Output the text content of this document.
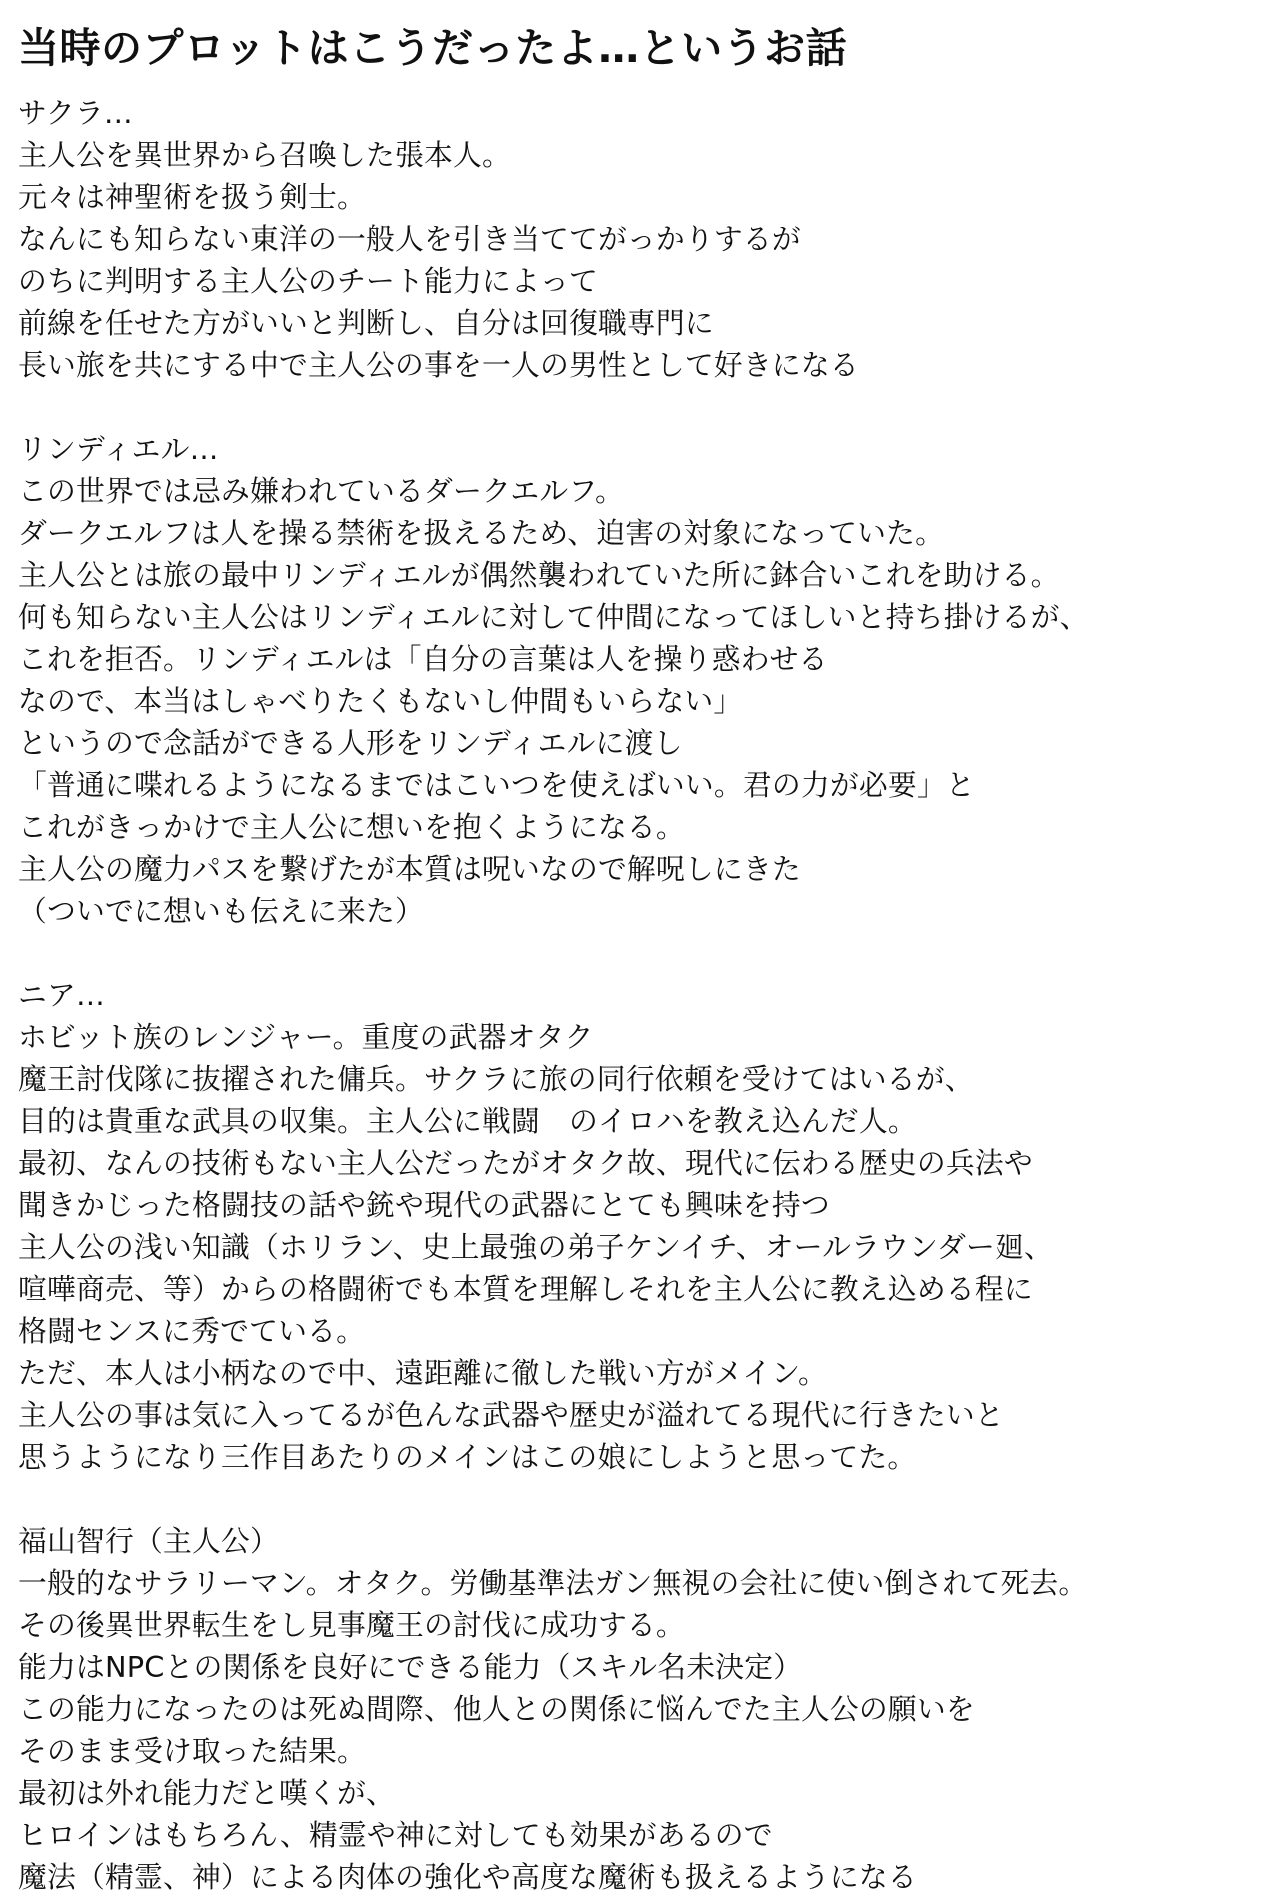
当時のプロットはこうだったよ…というお話
サクラ…
主人公を異世界から召喚した張本人。
元々は神聖術を扱う剣士。
なんにも知らない東洋の一般人を引き当ててがっかりするが
のちに判明する主人公のチート能力によって
前線を任せた方がいいと判断し、自分は回復職専門に
長い旅を共にする中で主人公の事を一人の男性として好きになる
リンディエル…
この世界では忌み嫌われているダークエルフ。
ダークエルフは人を操る禁術を扱えるため、迫害の対象になっていた。
主人公とは旅の最中リンディエルが偶然襲われていた所に鉢合いこれを助ける。
何も知らない主人公はリンディエルに対して仲間になってほしいと持ち掛けるが、
これを拒否。リンディエルは「自分の言葉は人を操り惑わせる
なので、本当はしゃべりたくもないし仲間もいらない」
というので念話ができる人形をリンディエルに渡し
「普通に喋れるようになるまではこいつを使えばいい。君の力が必要」と
これがきっかけで主人公に想いを抱くようになる。
主人公の魔力パスを繋げたが本質は呪いなので解呪しにきた
（ついでに想いも伝えに来た）
ニア…
ホビット族のレンジャー。重度の武器オタク
魔王討伐隊に抜擢された傭兵。サクラに旅の同行依頼を受けてはいるが、
目的は貴重な武具の収集。主人公に戦闘　のイロハを教え込んだ人。
最初、なんの技術もない主人公だったがオタク故、現代に伝わる歴史の兵法や
聞きかじった格闘技の話や銃や現代の武器にとても興味を持つ
主人公の浅い知識（ホリラン、史上最強の弟子ケンイチ、オールラウンダー廻、
喧嘩商売、等）からの格闘術でも本質を理解しそれを主人公に教え込める程に
格闘センスに秀でている。
ただ、本人は小柄なので中、遠距離に徹した戦い方がメイン。
主人公の事は気に入ってるが色んな武器や歴史が溢れてる現代に行きたいと
思うようになり三作目あたりのメインはこの娘にしようと思ってた。
福山智行（主人公）
一般的なサラリーマン。オタク。労働基準法ガン無視の会社に使い倒されて死去。
その後異世界転生をし見事魔王の討伐に成功する。
能力はNPCとの関係を良好にできる能力（スキル名未決定）
この能力になったのは死ぬ間際、他人との関係に悩んでた主人公の願いを
そのまま受け取った結果。
最初は外れ能力だと嘆くが、
ヒロインはもちろん、精霊や神に対しても効果があるので
魔法（精霊、神）による肉体の強化や高度な魔術も扱えるようになる
